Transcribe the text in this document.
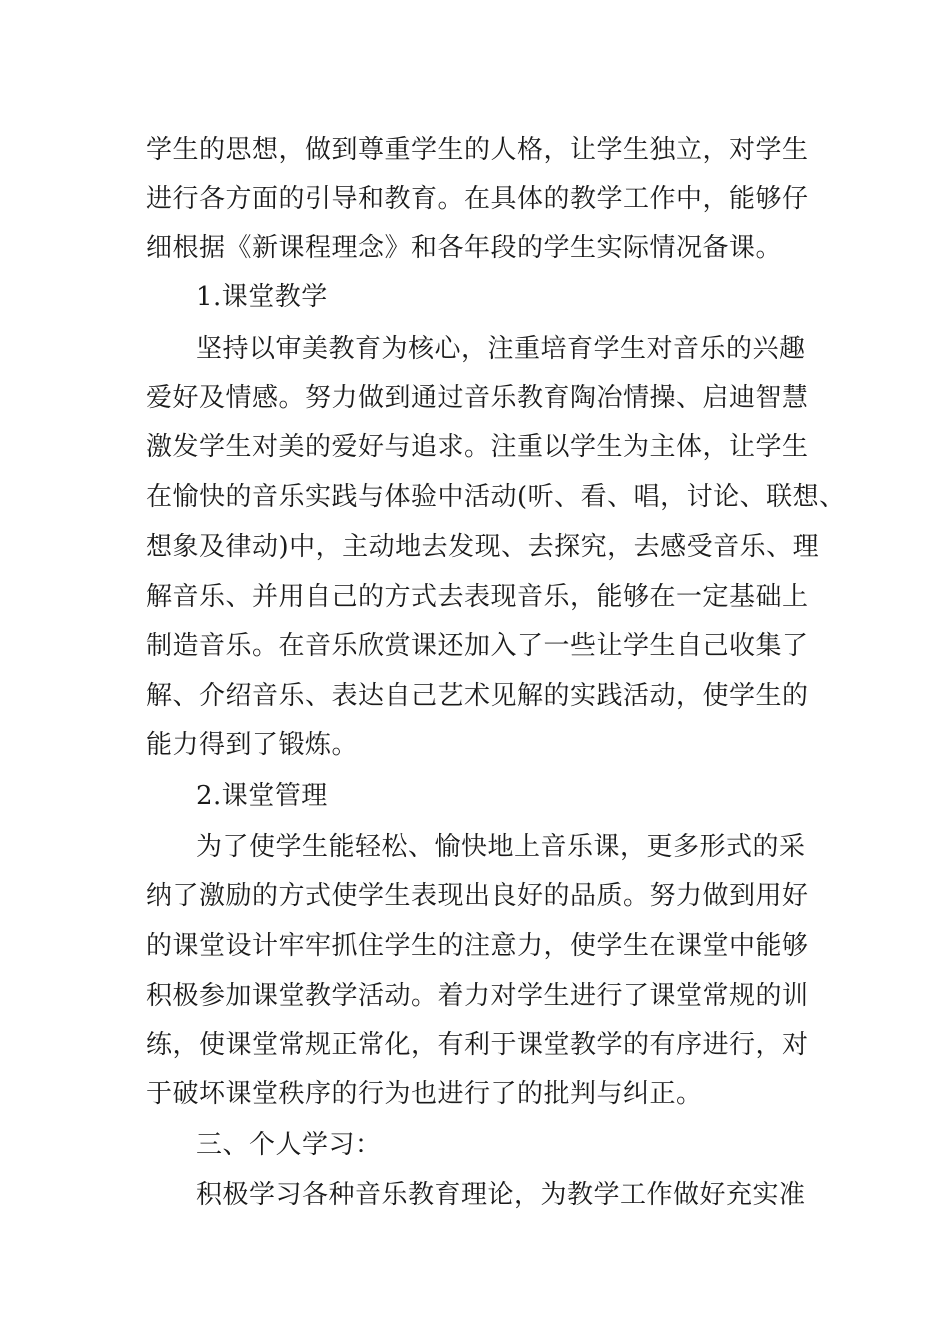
学生的思想，做到尊重学生的人格，让学生独立，对学生
进行各方面的引导和教育。在具体的教学工作中，能够仔
细根据《新课程理念》和各年段的学生实际情况备课。
1.课堂教学
坚持以审美教育为核心，注重培育学生对音乐的兴趣
爱好及情感。努力做到通过音乐教育陶冶情操、启迪智慧
激发学生对美的爱好与追求。注重以学生为主体，让学生
在愉快的音乐实践与体验中活动(听、看、唱，讨论、联想、
想象及律动)中，主动地去发现、去探究，去感受音乐、理
解音乐、并用自己的方式去表现音乐，能够在一定基础上
制造音乐。在音乐欣赏课还加入了一些让学生自己收集了
解、介绍音乐、表达自己艺术见解的实践活动，使学生的
能力得到了锻炼。
2.课堂管理
为了使学生能轻松、愉快地上音乐课，更多形式的采
纳了激励的方式使学生表现出良好的品质。努力做到用好
的课堂设计牢牢抓住学生的注意力，使学生在课堂中能够
积极参加课堂教学活动。着力对学生进行了课堂常规的训
练，使课堂常规正常化，有利于课堂教学的有序进行，对
于破坏课堂秩序的行为也进行了的批判与纠正。
三、个人学习：
积极学习各种音乐教育理论，为教学工作做好充实准
